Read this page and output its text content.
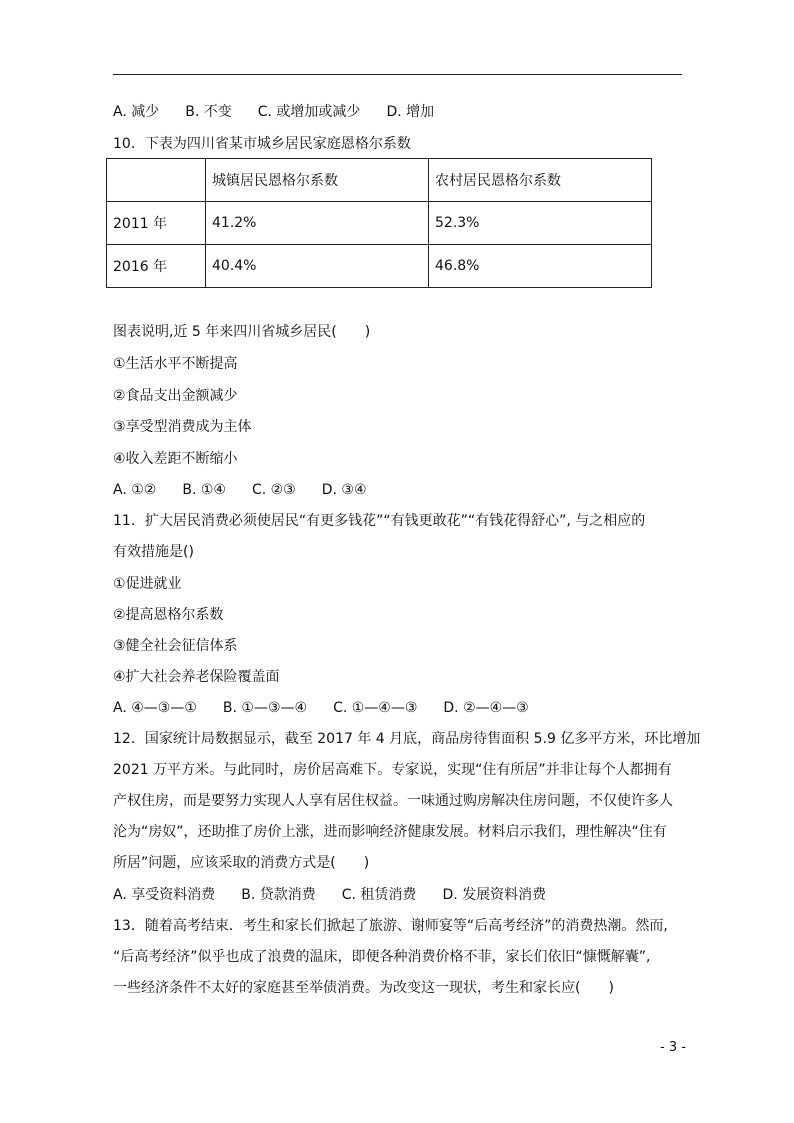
A. 减少 B. 不变 C. 或增加或减少 D. 增加
10．下表为四川省某市城乡居民家庭恩格尔系数
	城镇居民恩格尔系数	农村居民恩格尔系数
2011 年	41.2%	52.3%
2016 年	40.4%	46.8%
图表说明,近 5 年来四川省城乡居民(　　)
①生活水平不断提高
②食品支出金额减少
③享受型消费成为主体
④收入差距不断缩小
A. ①② B. ①④ C. ②③ D. ③④
11．扩大居民消费必须使居民“有更多钱花”“有钱更敢花”“有钱花得舒心”, 与之相应的
有效措施是()
①促进就业
②提高恩格尔系数
③健全社会征信体系
④扩大社会养老保险覆盖面
A. ④—③—① B. ①—③—④ C. ①—④—③ D. ②—④—③
12．国家统计局数据显示，截至 2017 年 4 月底，商品房待售面积 5.9 亿多平方米，环比增加
2021 万平方米。与此同时，房价居高难下。专家说，实现“住有所居”并非让每个人都拥有
产权住房，而是要努力实现人人享有居住权益。一味通过购房解决住房问题，不仅使许多人
沦为“房奴”，还助推了房价上涨，进而影响经济健康发展。材料启示我们，理性解决“住有
所居”问题，应该采取的消费方式是(　　)
A. 享受资料消费 B. 贷款消费 C. 租赁消费 D. 发展资料消费
13．随着高考结束．考生和家长们掀起了旅游、谢师宴等“后高考经济”的消费热潮。然而,
“后高考经济”似乎也成了浪费的温床，即便各种消费价格不菲，家长们依旧“慷慨解囊”,
一些经济条件不太好的家庭甚至举债消费。为改变这一现状，考生和家长应(　　)
- 3 -
